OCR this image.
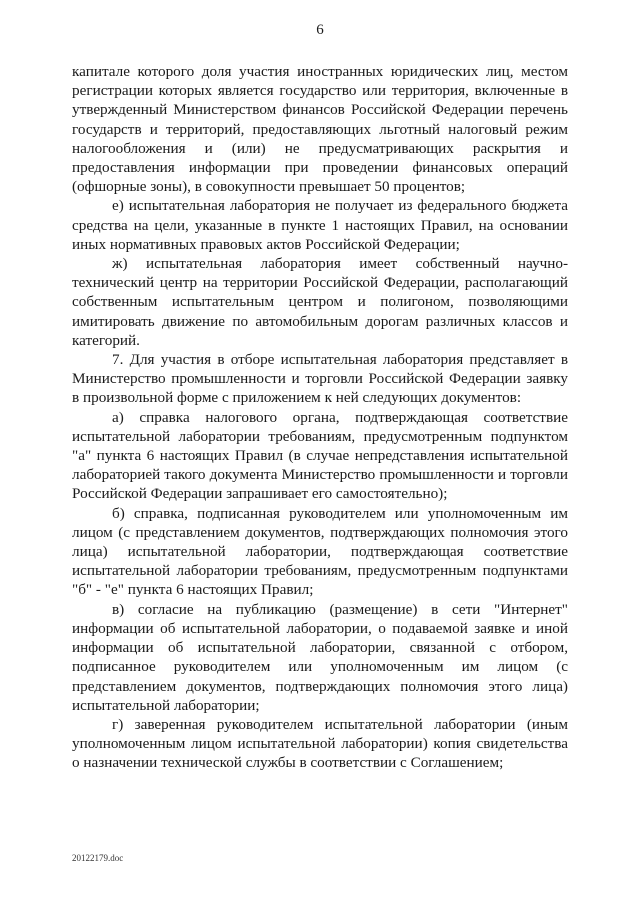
6

капитале которого доля участия иностранных юридических лиц, местом регистрации которых является государство или территория, включенные в утвержденный Министерством финансов Российской Федерации перечень государств и территорий, предоставляющих льготный налоговый режим налогообложения и (или) не предусматривающих раскрытия и предоставления информации при проведении финансовых операций (офшорные зоны), в совокупности превышает 50 процентов;

е) испытательная лаборатория не получает из федерального бюджета средства на цели, указанные в пункте 1 настоящих Правил, на основании иных нормативных правовых актов Российской Федерации;

ж) испытательная лаборатория имеет собственный научно-технический центр на территории Российской Федерации, располагающий собственным испытательным центром и полигоном, позволяющими имитировать движение по автомобильным дорогам различных классов и категорий.

7. Для участия в отборе испытательная лаборатория представляет в Министерство промышленности и торговли Российской Федерации заявку в произвольной форме с приложением к ней следующих документов:

а) справка налогового органа, подтверждающая соответствие испытательной лаборатории требованиям, предусмотренным подпунктом "а" пункта 6 настоящих Правил (в случае непредставления испытательной лабораторией такого документа Министерство промышленности и торговли Российской Федерации запрашивает его самостоятельно);

б) справка, подписанная руководителем или уполномоченным им лицом (с представлением документов, подтверждающих полномочия этого лица) испытательной лаборатории, подтверждающая соответствие испытательной лаборатории требованиям, предусмотренным подпунктами "б" - "е" пункта 6 настоящих Правил;

в) согласие на публикацию (размещение) в сети "Интернет" информации об испытательной лаборатории, о подаваемой заявке и иной информации об испытательной лаборатории, связанной с отбором, подписанное руководителем или уполномоченным им лицом (с представлением документов, подтверждающих полномочия этого лица) испытательной лаборатории;

г) заверенная руководителем испытательной лаборатории (иным уполномоченным лицом испытательной лаборатории) копия свидетельства о назначении технической службы в соответствии с Соглашением;

20122179.doc
